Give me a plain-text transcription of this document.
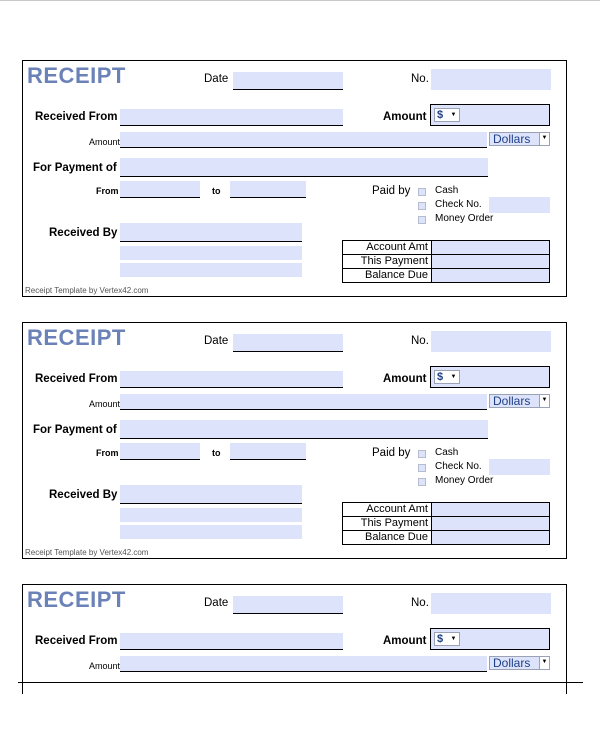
RECEIPT	Date	No.
Received From	Amount $ ▼
Amount	Dollars	▼
For Payment of
From	to	Paid by Cash
Check No.
Money Order
Received By
Account Amt	
This Payment	
Balance Due	
Receipt Template by Vertex42.com
RECEIPT	Date	No.
Received From	Amount $ ▼
Amount	Dollars	▼
For Payment of
From	to	Paid by Cash
Check No.
Money Order
Received By
Account Amt	
This Payment	
Balance Due	
Receipt Template by Vertex42.com
RECEIPT	Date	No.
Received From	Amount $ ▼
Amount	Dollars	▼
